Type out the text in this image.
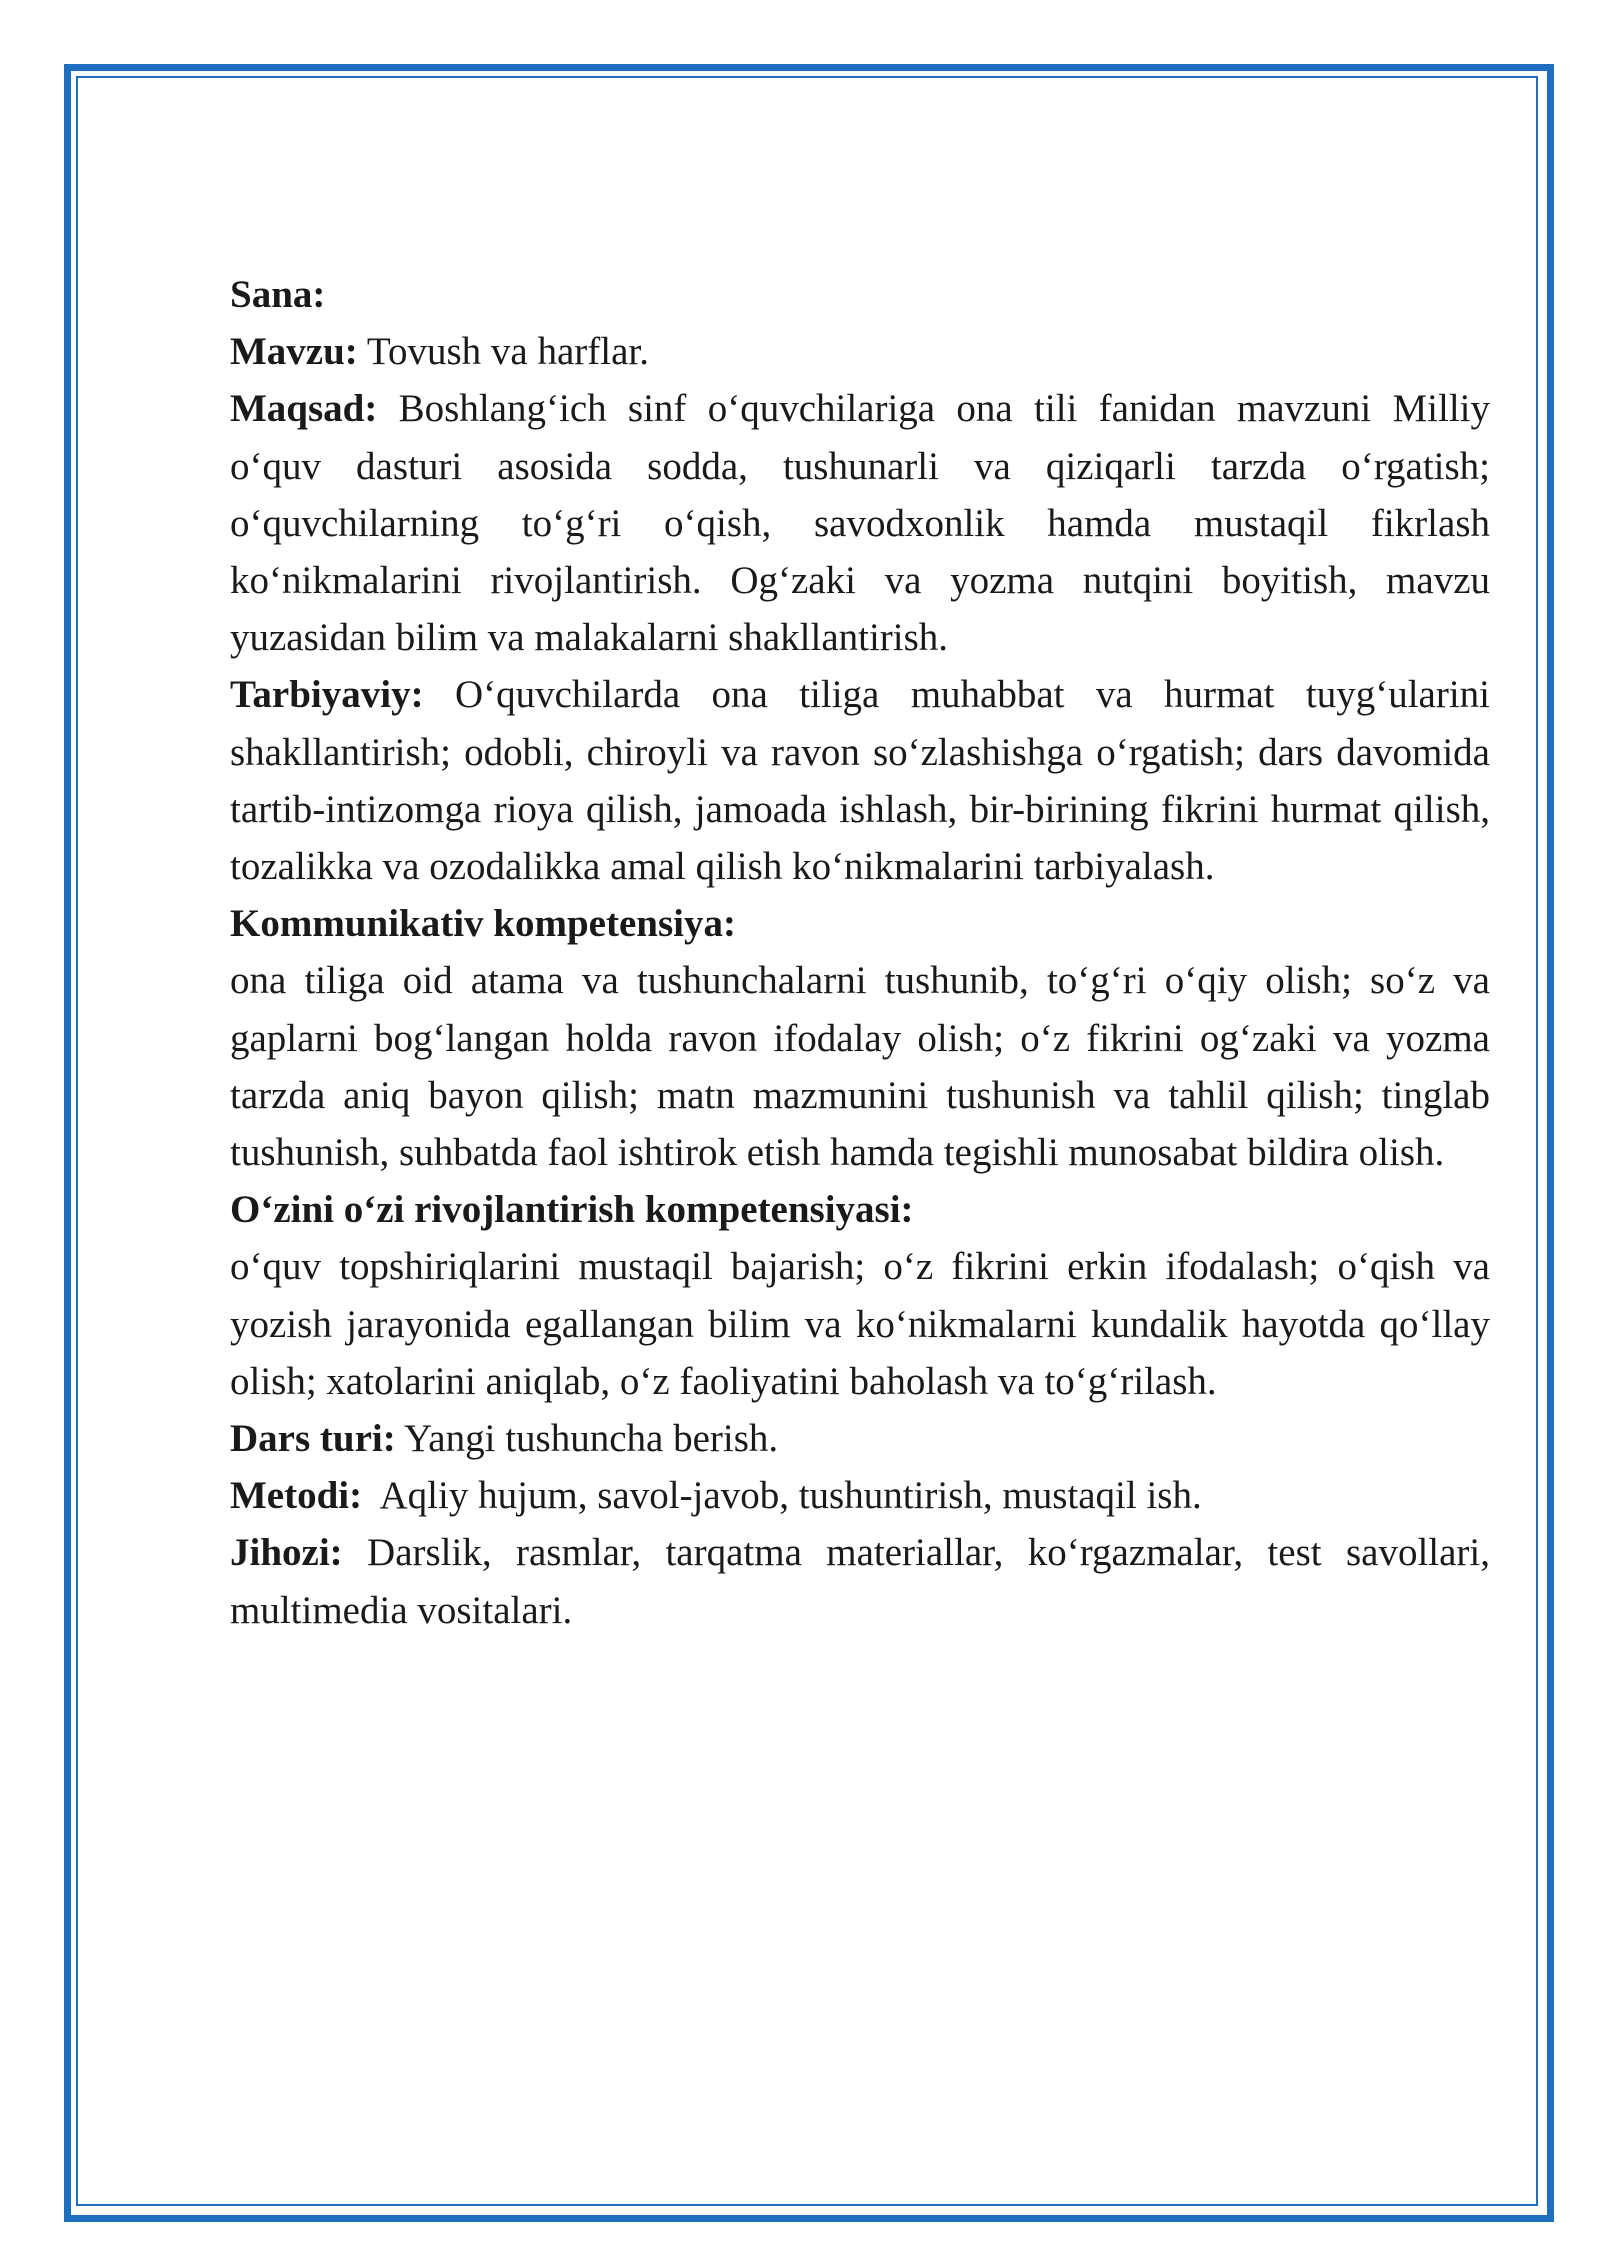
Sana:

Mavzu: Tovush va harflar.

Maqsad: Boshlang‘ich sinf o‘quvchilariga ona tili fanidan mavzuni Milliy o‘quv dasturi asosida sodda, tushunarli va qiziqarli tarzda o‘rgatish; o‘quvchilarning to‘g‘ri o‘qish, savodxonlik hamda mustaqil fikrlash ko‘nikmalarini rivojlantirish. Og‘zaki va yozma nutqini boyitish, mavzu yuzasidan bilim va malakalarni shakllantirish.

Tarbiyaviy: O‘quvchilarda ona tiliga muhabbat va hurmat tuyg‘ularini shakllantirish; odobli, chiroyli va ravon so‘zlashishga o‘rgatish; dars davomida tartib-intizomga rioya qilish, jamoada ishlash, bir-birining fikrini hurmat qilish, tozalikka va ozodalikka amal qilish ko‘nikmalarini tarbiyalash.

Kommunikativ kompetensiya:

ona tiliga oid atama va tushunchalarni tushunib, to‘g‘ri o‘qiy olish; so‘z va gaplarni bog‘langan holda ravon ifodalay olish; o‘z fikrini og‘zaki va yozma tarzda aniq bayon qilish; matn mazmunini tushunish va tahlil qilish; tinglab tushunish, suhbatda faol ishtirok etish hamda tegishli munosabat bildira olish.

O‘zini o‘zi rivojlantirish kompetensiyasi:

o‘quv topshiriqlarini mustaqil bajarish; o‘z fikrini erkin ifodalash; o‘qish va yozish jarayonida egallangan bilim va ko‘nikmalarni kundalik hayotda qo‘llay olish; xatolarini aniqlab, o‘z faoliyatini baholash va to‘g‘rilash.

Dars turi: Yangi tushuncha berish.

Metodi: Aqliy hujum, savol-javob, tushuntirish, mustaqil ish.

Jihozi: Darslik, rasmlar, tarqatma materiallar, ko‘rgazmalar, test savollari, multimedia vositalari.
